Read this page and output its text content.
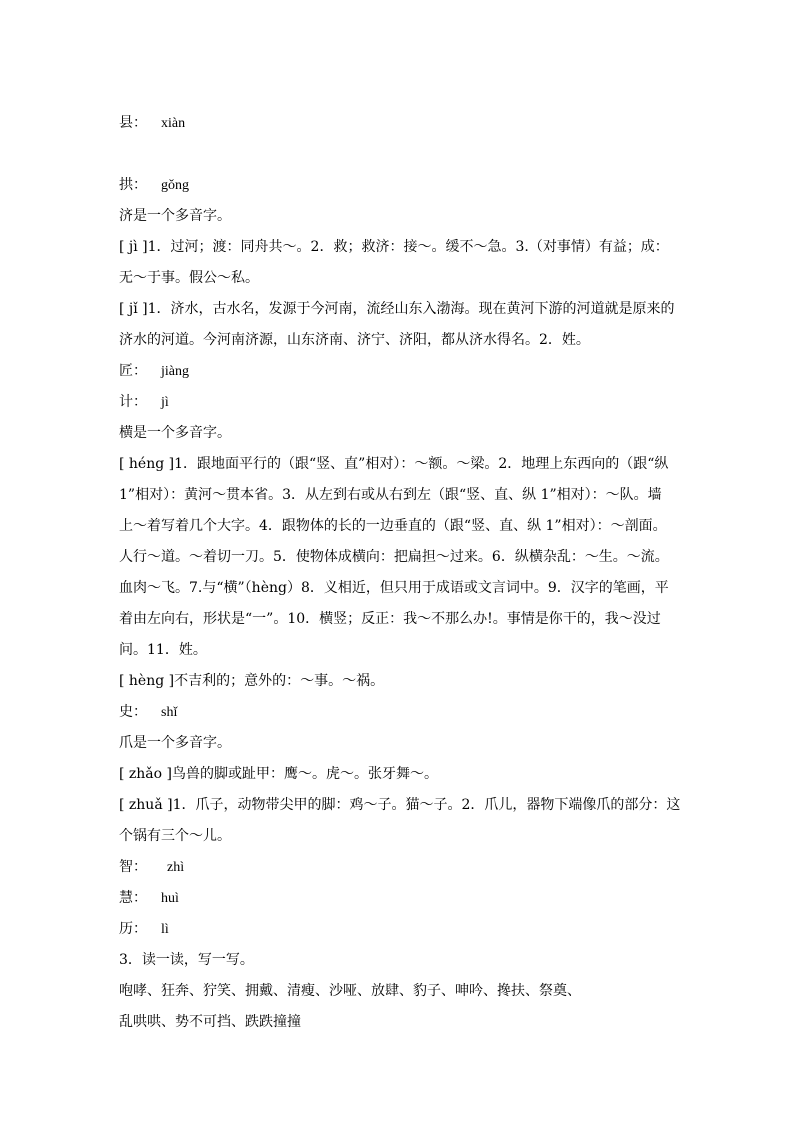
县： xiàn
拱： gǒng
济是一个多音字。
[ jì ]1．过河；渡：同舟共～。2．救；救济：接～。缓不～急。3.（对事情）有益；成：
无～于事。假公～私。
[ jǐ ]1．济水，古水名，发源于今河南，流经山东入渤海。现在黄河下游的河道就是原来的
济水的河道。今河南济源，山东济南、济宁、济阳，都从济水得名。2．姓。
匠： jiàng
计： jì
横是一个多音字。
[ héng ]1．跟地面平行的（跟“竖、直”相对）：～额。～梁。2．地理上东西向的（跟“纵
1”相对）：黄河～贯本省。3．从左到右或从右到左（跟“竖、直、纵 1”相对）：～队。墙
上～着写着几个大字。4．跟物体的长的一边垂直的（跟“竖、直、纵 1”相对）：～剖面。
人行～道。～着切一刀。5．使物体成横向：把扁担～过来。6．纵横杂乱：～生。～流。
血肉～飞。7.与“横”（hèng）8．义相近，但只用于成语或文言词中。9．汉字的笔画，平
着由左向右，形状是“一”。10．横竖；反正：我～不那么办!。事情是你干的，我～没过
问。11．姓。
[ hèng ]不吉利的；意外的：～事。～祸。
史： shǐ
爪是一个多音字。
[ zhǎo ]鸟兽的脚或趾甲：鹰～。虎～。张牙舞～。
[ zhuǎ ]1．爪子，动物带尖甲的脚：鸡～子。猫～子。2．爪儿，器物下端像爪的部分：这
个锅有三个～儿。
智： zhì
慧： huì
历： lì
3．读一读，写一写。
咆哮、狂奔、狞笑、拥戴、清瘦、沙哑、放肆、豹子、呻吟、搀扶、祭奠、
乱哄哄、势不可挡、跌跌撞撞
